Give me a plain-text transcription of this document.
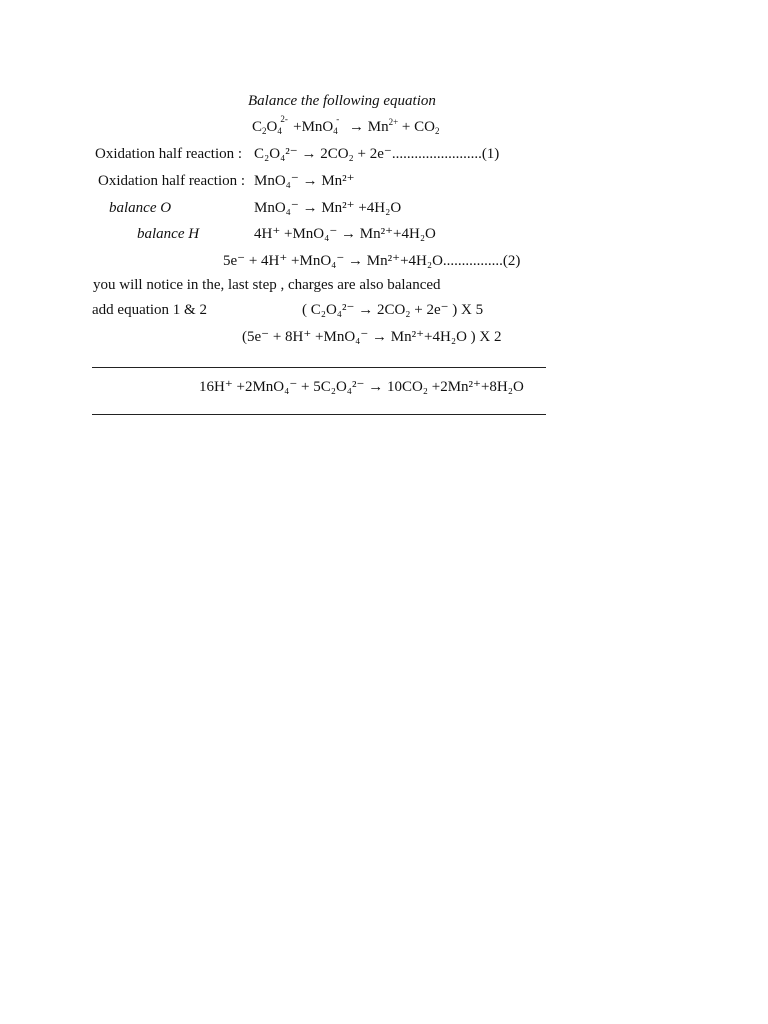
Balance the following equation
$C_2O$ 4
2- +MnO 4
- → $Mn^{2+} + CO_2$
Oxidation half reaction : C₂O₄²⁻ → 2CO₂ + 2e⁻........................(1)
Oxidation half reaction : MnO₄⁻ → Mn²⁺
balance O	MnO₄⁻ → Mn²⁺ +4H₂O
balance H	4H⁺ +MnO₄⁻ → Mn²⁺+4H₂O
5e⁻ + 4H⁺ +MnO₄⁻ → Mn²⁺+4H₂O................(2)
you will notice in the, last step , charges are also balanced
add equation 1 & 2	( C₂O₄²⁻ → 2CO₂ + 2e⁻ ) X 5
(5e⁻ + 8H⁺ +MnO₄⁻ → Mn²⁺+4H₂O ) X 2
16H⁺ +2MnO₄⁻ + 5C₂O₄²⁻ → 10CO₂ +2Mn²⁺+8H₂O
